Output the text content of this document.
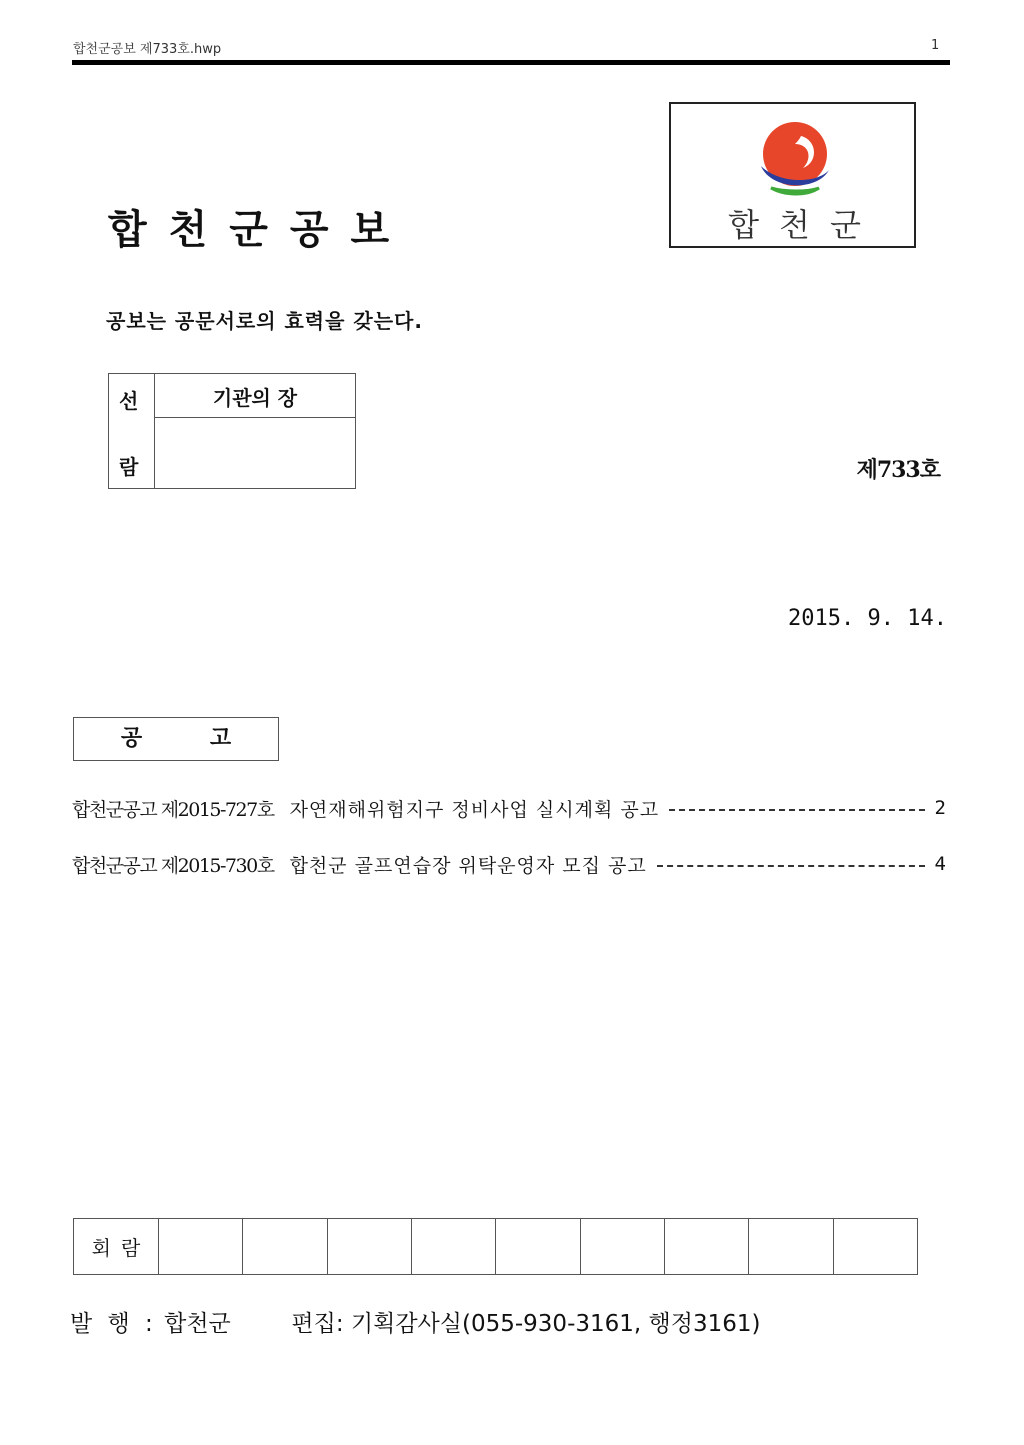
합천군공보 제733호.hwp	1
합천군공보	합천군
공보는 공문서로의 효력을 갖는다.
선
람
기관의 장
제733호
2015. 9. 14.
공 고
합천군공고 제2015-727호 자연재해위험지구 정비사업 실시계획 공고	2
합천군공고 제2015-730호 합천군 골프연습장 위탁운영자 모집 공고	4
회람
발 행 : 합천군	편집: 기획감사실(055-930-3161, 행정3161)
